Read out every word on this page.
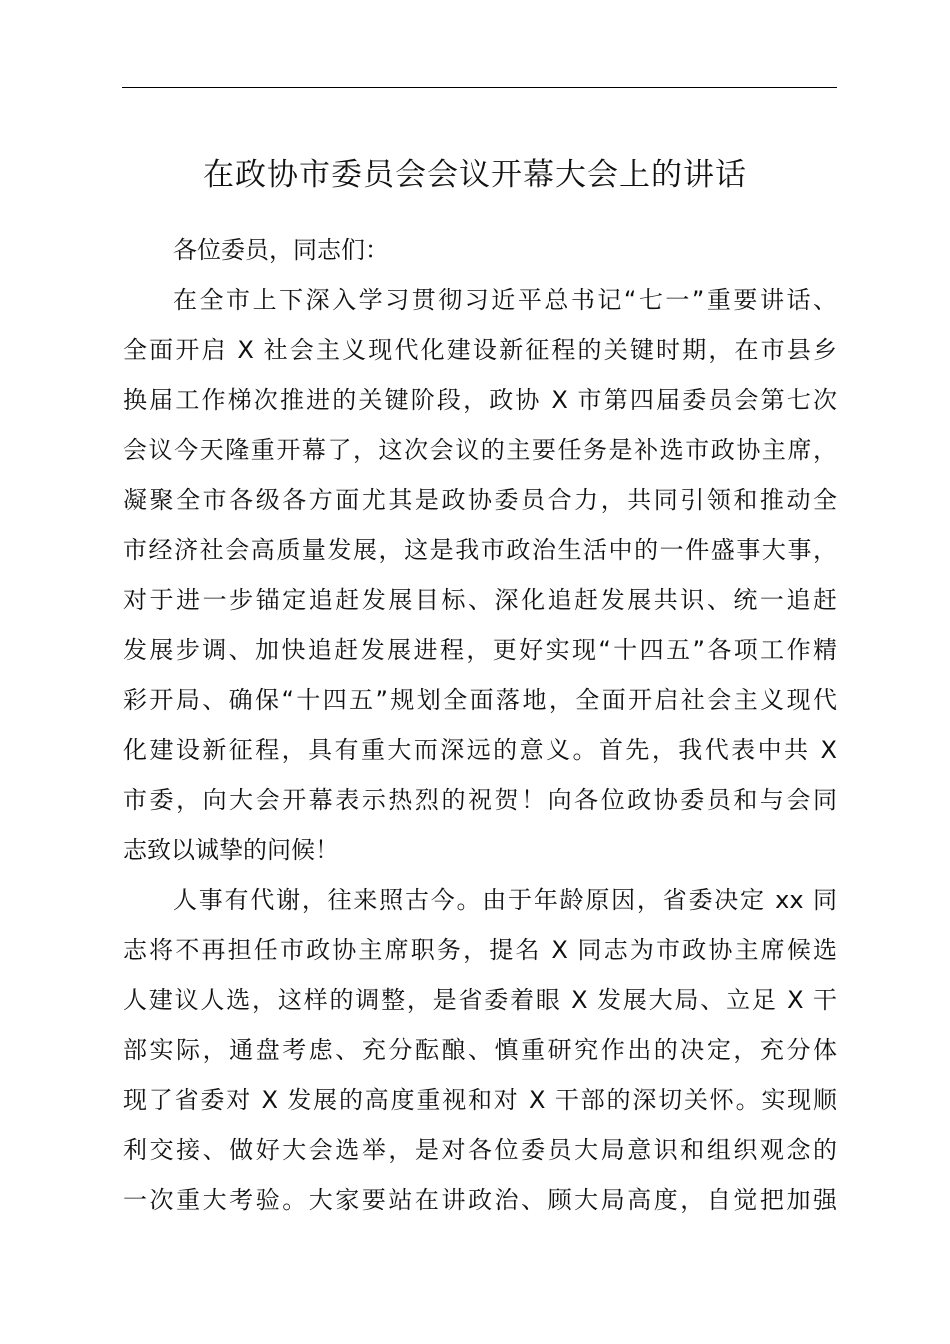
在政协市委员会会议开幕大会上的讲话
各位委员，同志们：
在全市上下深入学习贯彻习近平总书记“七一”重要讲话、
全面开启 X 社会主义现代化建设新征程的关键时期，在市县乡
换届工作梯次推进的关键阶段，政协 X 市第四届委员会第七次
会议今天隆重开幕了，这次会议的主要任务是补选市政协主席，
凝聚全市各级各方面尤其是政协委员合力，共同引领和推动全
市经济社会高质量发展，这是我市政治生活中的一件盛事大事，
对于进一步锚定追赶发展目标、深化追赶发展共识、统一追赶
发展步调、加快追赶发展进程，更好实现“十四五”各项工作精
彩开局、确保“十四五”规划全面落地，全面开启社会主义现代
化建设新征程，具有重大而深远的意义。首先，我代表中共 X
市委，向大会开幕表示热烈的祝贺！向各位政协委员和与会同
志致以诚挚的问候！
人事有代谢，往来照古今。由于年龄原因，省委决定 xx 同
志将不再担任市政协主席职务，提名 X 同志为市政协主席候选
人建议人选，这样的调整，是省委着眼 X 发展大局、立足 X 干
部实际，通盘考虑、充分酝酿、慎重研究作出的决定，充分体
现了省委对 X 发展的高度重视和对 X 干部的深切关怀。实现顺
利交接、做好大会选举，是对各位委员大局意识和组织观念的
一次重大考验。大家要站在讲政治、顾大局高度，自觉把加强
